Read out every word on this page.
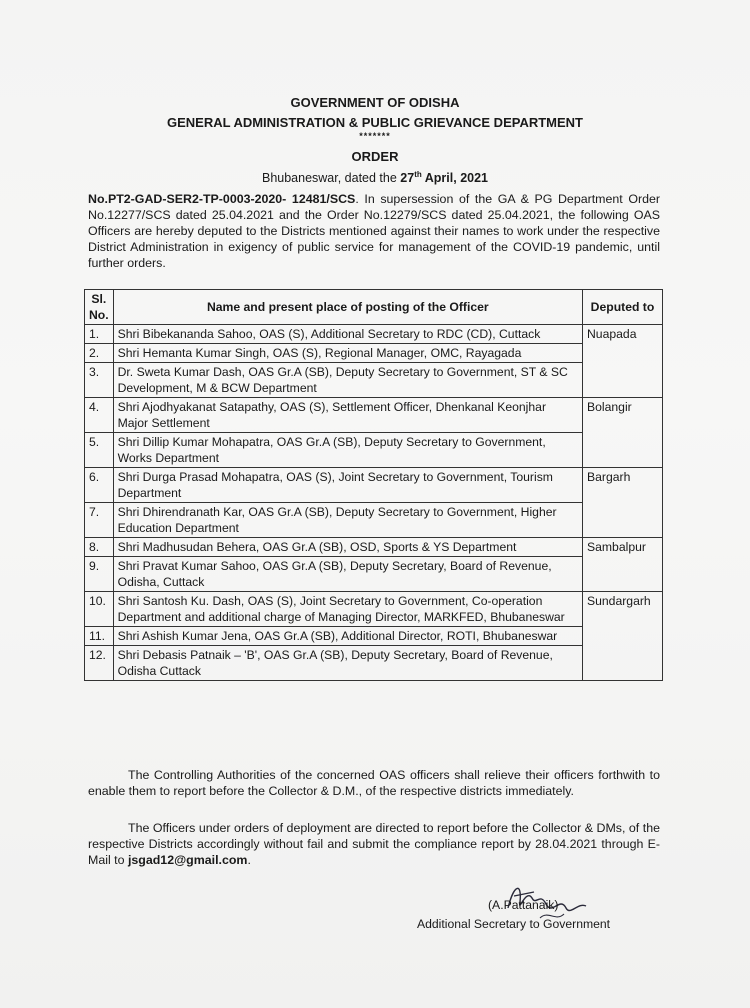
GOVERNMENT OF ODISHA
GENERAL ADMINISTRATION & PUBLIC GRIEVANCE DEPARTMENT
*******
ORDER
Bhubaneswar, dated the 27th April, 2021
No.PT2-GAD-SER2-TP-0003-2020- 12481/SCS. In supersession of the GA & PG Department Order No.12277/SCS dated 25.04.2021 and the Order No.12279/SCS dated 25.04.2021, the following OAS Officers are hereby deputed to the Districts mentioned against their names to work under the respective District Administration in exigency of public service for management of the COVID-19 pandemic, until further orders.
Sl. No.	Name and present place of posting of the Officer	Deputed to
1.	Shri Bibekananda Sahoo, OAS (S), Additional Secretary to RDC (CD), Cuttack	Nuapada
2.	Shri Hemanta Kumar Singh, OAS (S), Regional Manager, OMC, Rayagada	
3.	Dr. Sweta Kumar Dash, OAS Gr.A (SB), Deputy Secretary to Government, ST & SC Development, M & BCW Department	
4.	Shri Ajodhyakanat Satapathy, OAS (S), Settlement Officer, Dhenkanal Keonjhar Major Settlement	Bolangir
5.	Shri Dillip Kumar Mohapatra, OAS Gr.A (SB), Deputy Secretary to Government, Works Department	
6.	Shri Durga Prasad Mohapatra, OAS (S), Joint Secretary to Government, Tourism Department	Bargarh
7.	Shri Dhirendranath Kar, OAS Gr.A (SB), Deputy Secretary to Government, Higher Education Department	
8.	Shri Madhusudan Behera, OAS Gr.A (SB), OSD, Sports & YS Department	Sambalpur
9.	Shri Pravat Kumar Sahoo, OAS Gr.A (SB), Deputy Secretary, Board of Revenue, Odisha, Cuttack	
10.	Shri Santosh Ku. Dash, OAS (S), Joint Secretary to Government, Co-operation Department and additional charge of Managing Director, MARKFED, Bhubaneswar	Sundargarh
11.	Shri Ashish Kumar Jena, OAS Gr.A (SB), Additional Director, ROTI, Bhubaneswar	
12.	Shri Debasis Patnaik – 'B', OAS Gr.A (SB), Deputy Secretary, Board of Revenue, Odisha Cuttack	
The Controlling Authorities of the concerned OAS officers shall relieve their officers forthwith to enable them to report before the Collector & D.M., of the respective districts immediately.
The Officers under orders of deployment are directed to report before the Collector & DMs, of the respective Districts accordingly without fail and submit the compliance report by 28.04.2021 through E-Mail to jsgad12@gmail.com.
(A.Pattanaik)
Additional Secretary to Government
